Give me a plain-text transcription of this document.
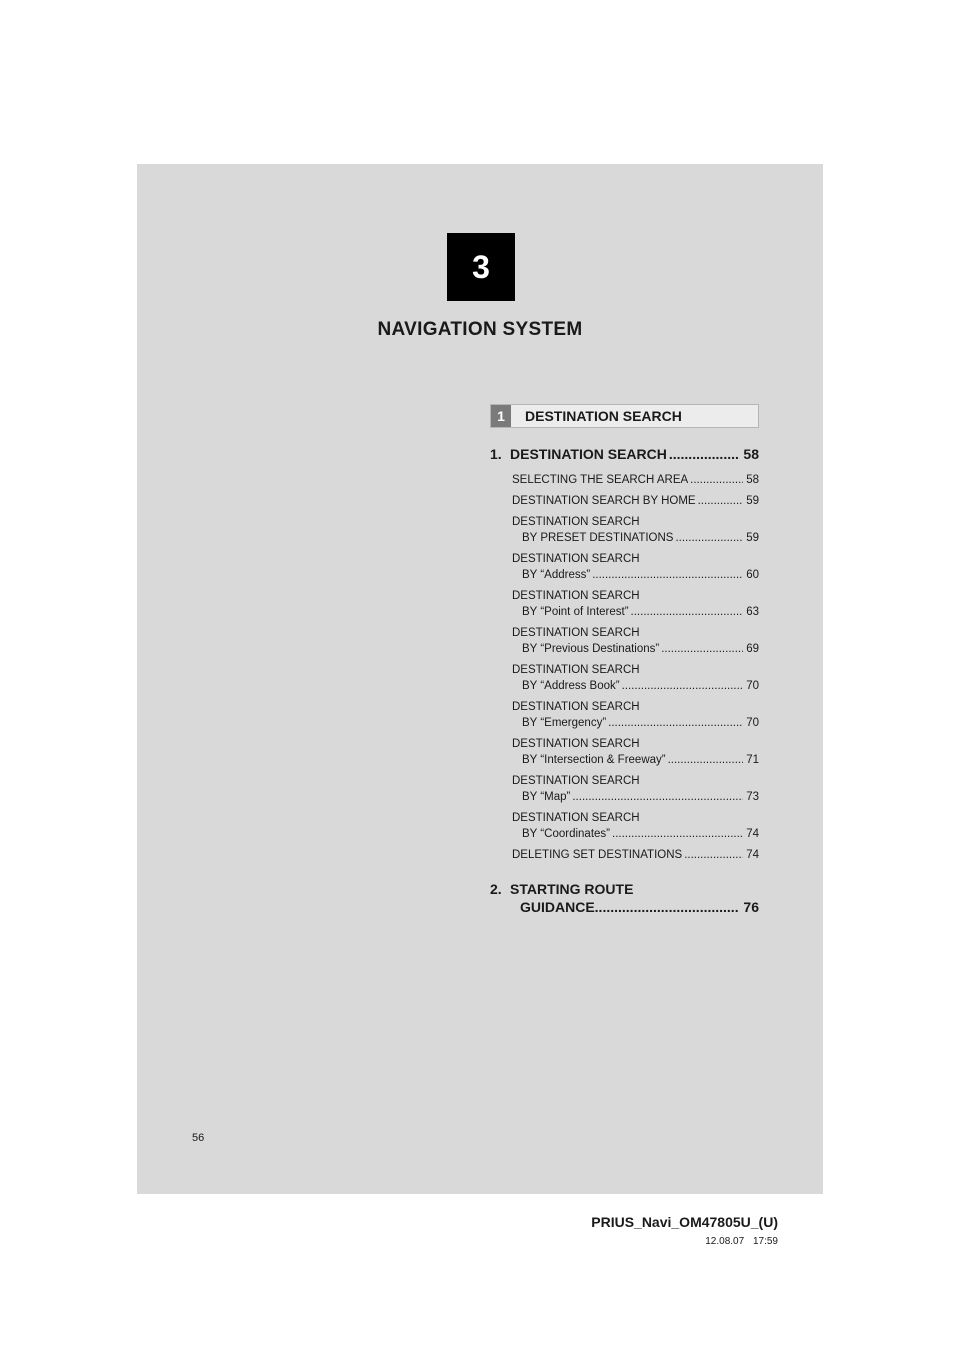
3
NAVIGATION SYSTEM
1	DESTINATION SEARCH
1. DESTINATION SEARCH .....	58
SELECTING THE SEARCH AREA .....	58
DESTINATION SEARCH BY HOME .....	59
DESTINATION SEARCH
BY PRESET DESTINATIONS .....	59
DESTINATION SEARCH
BY “Address” .....	60
DESTINATION SEARCH
BY “Point of Interest” .....	63
DESTINATION SEARCH
BY “Previous Destinations” .....	69
DESTINATION SEARCH
BY “Address Book” .....	70
DESTINATION SEARCH
BY “Emergency” .....	70
DESTINATION SEARCH
BY “Intersection & Freeway” .....	71
DESTINATION SEARCH
BY “Map” .....	73
DESTINATION SEARCH
BY “Coordinates” .....	74
DELETING SET DESTINATIONS .....	74
2. STARTING ROUTE
GUIDANCE .....	76
56
PRIUS_Navi_OM47805U_(U)
12.08.07 17:59
